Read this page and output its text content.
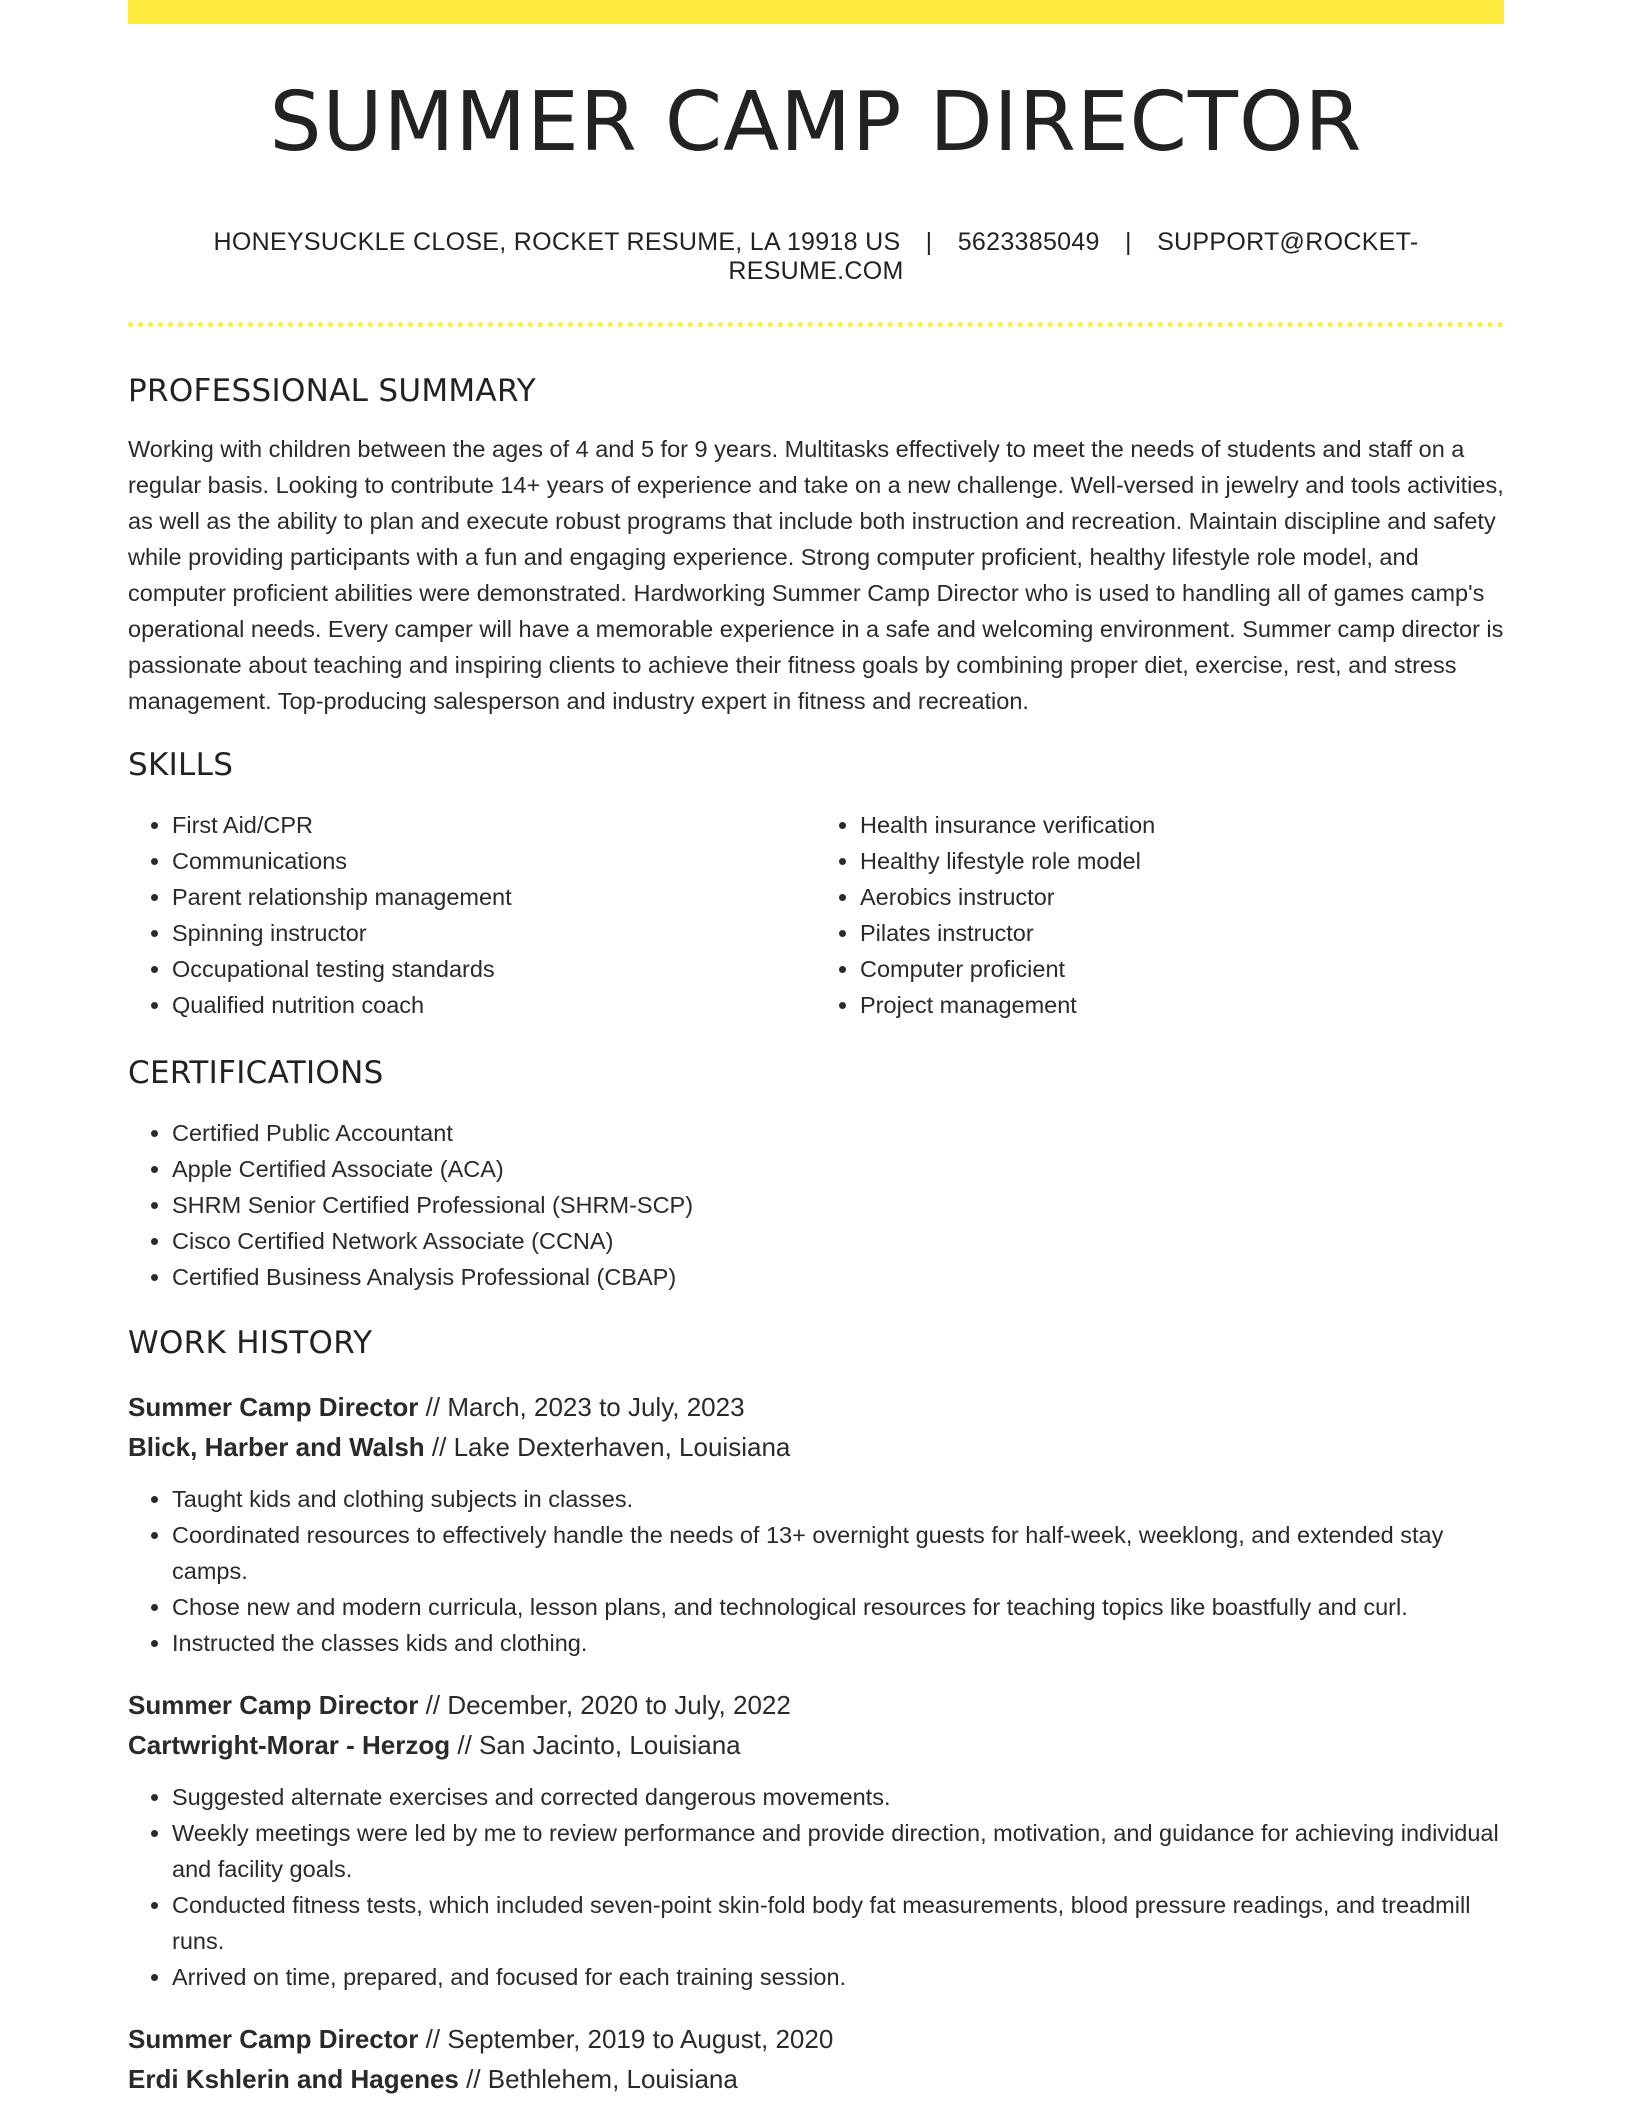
SUMMER CAMP DIRECTOR
HONEYSUCKLE CLOSE, ROCKET RESUME, LA 19918 US | 5623385049 | SUPPORT@ROCKET-RESUME.COM
PROFESSIONAL SUMMARY
Working with children between the ages of 4 and 5 for 9 years. Multitasks effectively to meet the needs of students and staff on a regular basis. Looking to contribute 14+ years of experience and take on a new challenge. Well-versed in jewelry and tools activities, as well as the ability to plan and execute robust programs that include both instruction and recreation. Maintain discipline and safety while providing participants with a fun and engaging experience. Strong computer proficient, healthy lifestyle role model, and computer proficient abilities were demonstrated. Hardworking Summer Camp Director who is used to handling all of games camp's operational needs. Every camper will have a memorable experience in a safe and welcoming environment. Summer camp director is passionate about teaching and inspiring clients to achieve their fitness goals by combining proper diet, exercise, rest, and stress management. Top-producing salesperson and industry expert in fitness and recreation.
SKILLS
• First Aid/CPR
• Communications
• Parent relationship management
• Spinning instructor
• Occupational testing standards
• Qualified nutrition coach
• Health insurance verification
• Healthy lifestyle role model
• Aerobics instructor
• Pilates instructor
• Computer proficient
• Project management
CERTIFICATIONS
• Certified Public Accountant
• Apple Certified Associate (ACA)
• SHRM Senior Certified Professional (SHRM-SCP)
• Cisco Certified Network Associate (CCNA)
• Certified Business Analysis Professional (CBAP)
WORK HISTORY
Summer Camp Director // March, 2023 to July, 2023
Blick, Harber and Walsh // Lake Dexterhaven, Louisiana
• Taught kids and clothing subjects in classes.
• Coordinated resources to effectively handle the needs of 13+ overnight guests for half-week, weeklong, and extended stay camps.
• Chose new and modern curricula, lesson plans, and technological resources for teaching topics like boastfully and curl.
• Instructed the classes kids and clothing.
Summer Camp Director // December, 2020 to July, 2022
Cartwright-Morar - Herzog // San Jacinto, Louisiana
• Suggested alternate exercises and corrected dangerous movements.
• Weekly meetings were led by me to review performance and provide direction, motivation, and guidance for achieving individual and facility goals.
• Conducted fitness tests, which included seven-point skin-fold body fat measurements, blood pressure readings, and treadmill runs.
• Arrived on time, prepared, and focused for each training session.
Summer Camp Director // September, 2019 to August, 2020
Erdi Kshlerin and Hagenes // Bethlehem, Louisiana
